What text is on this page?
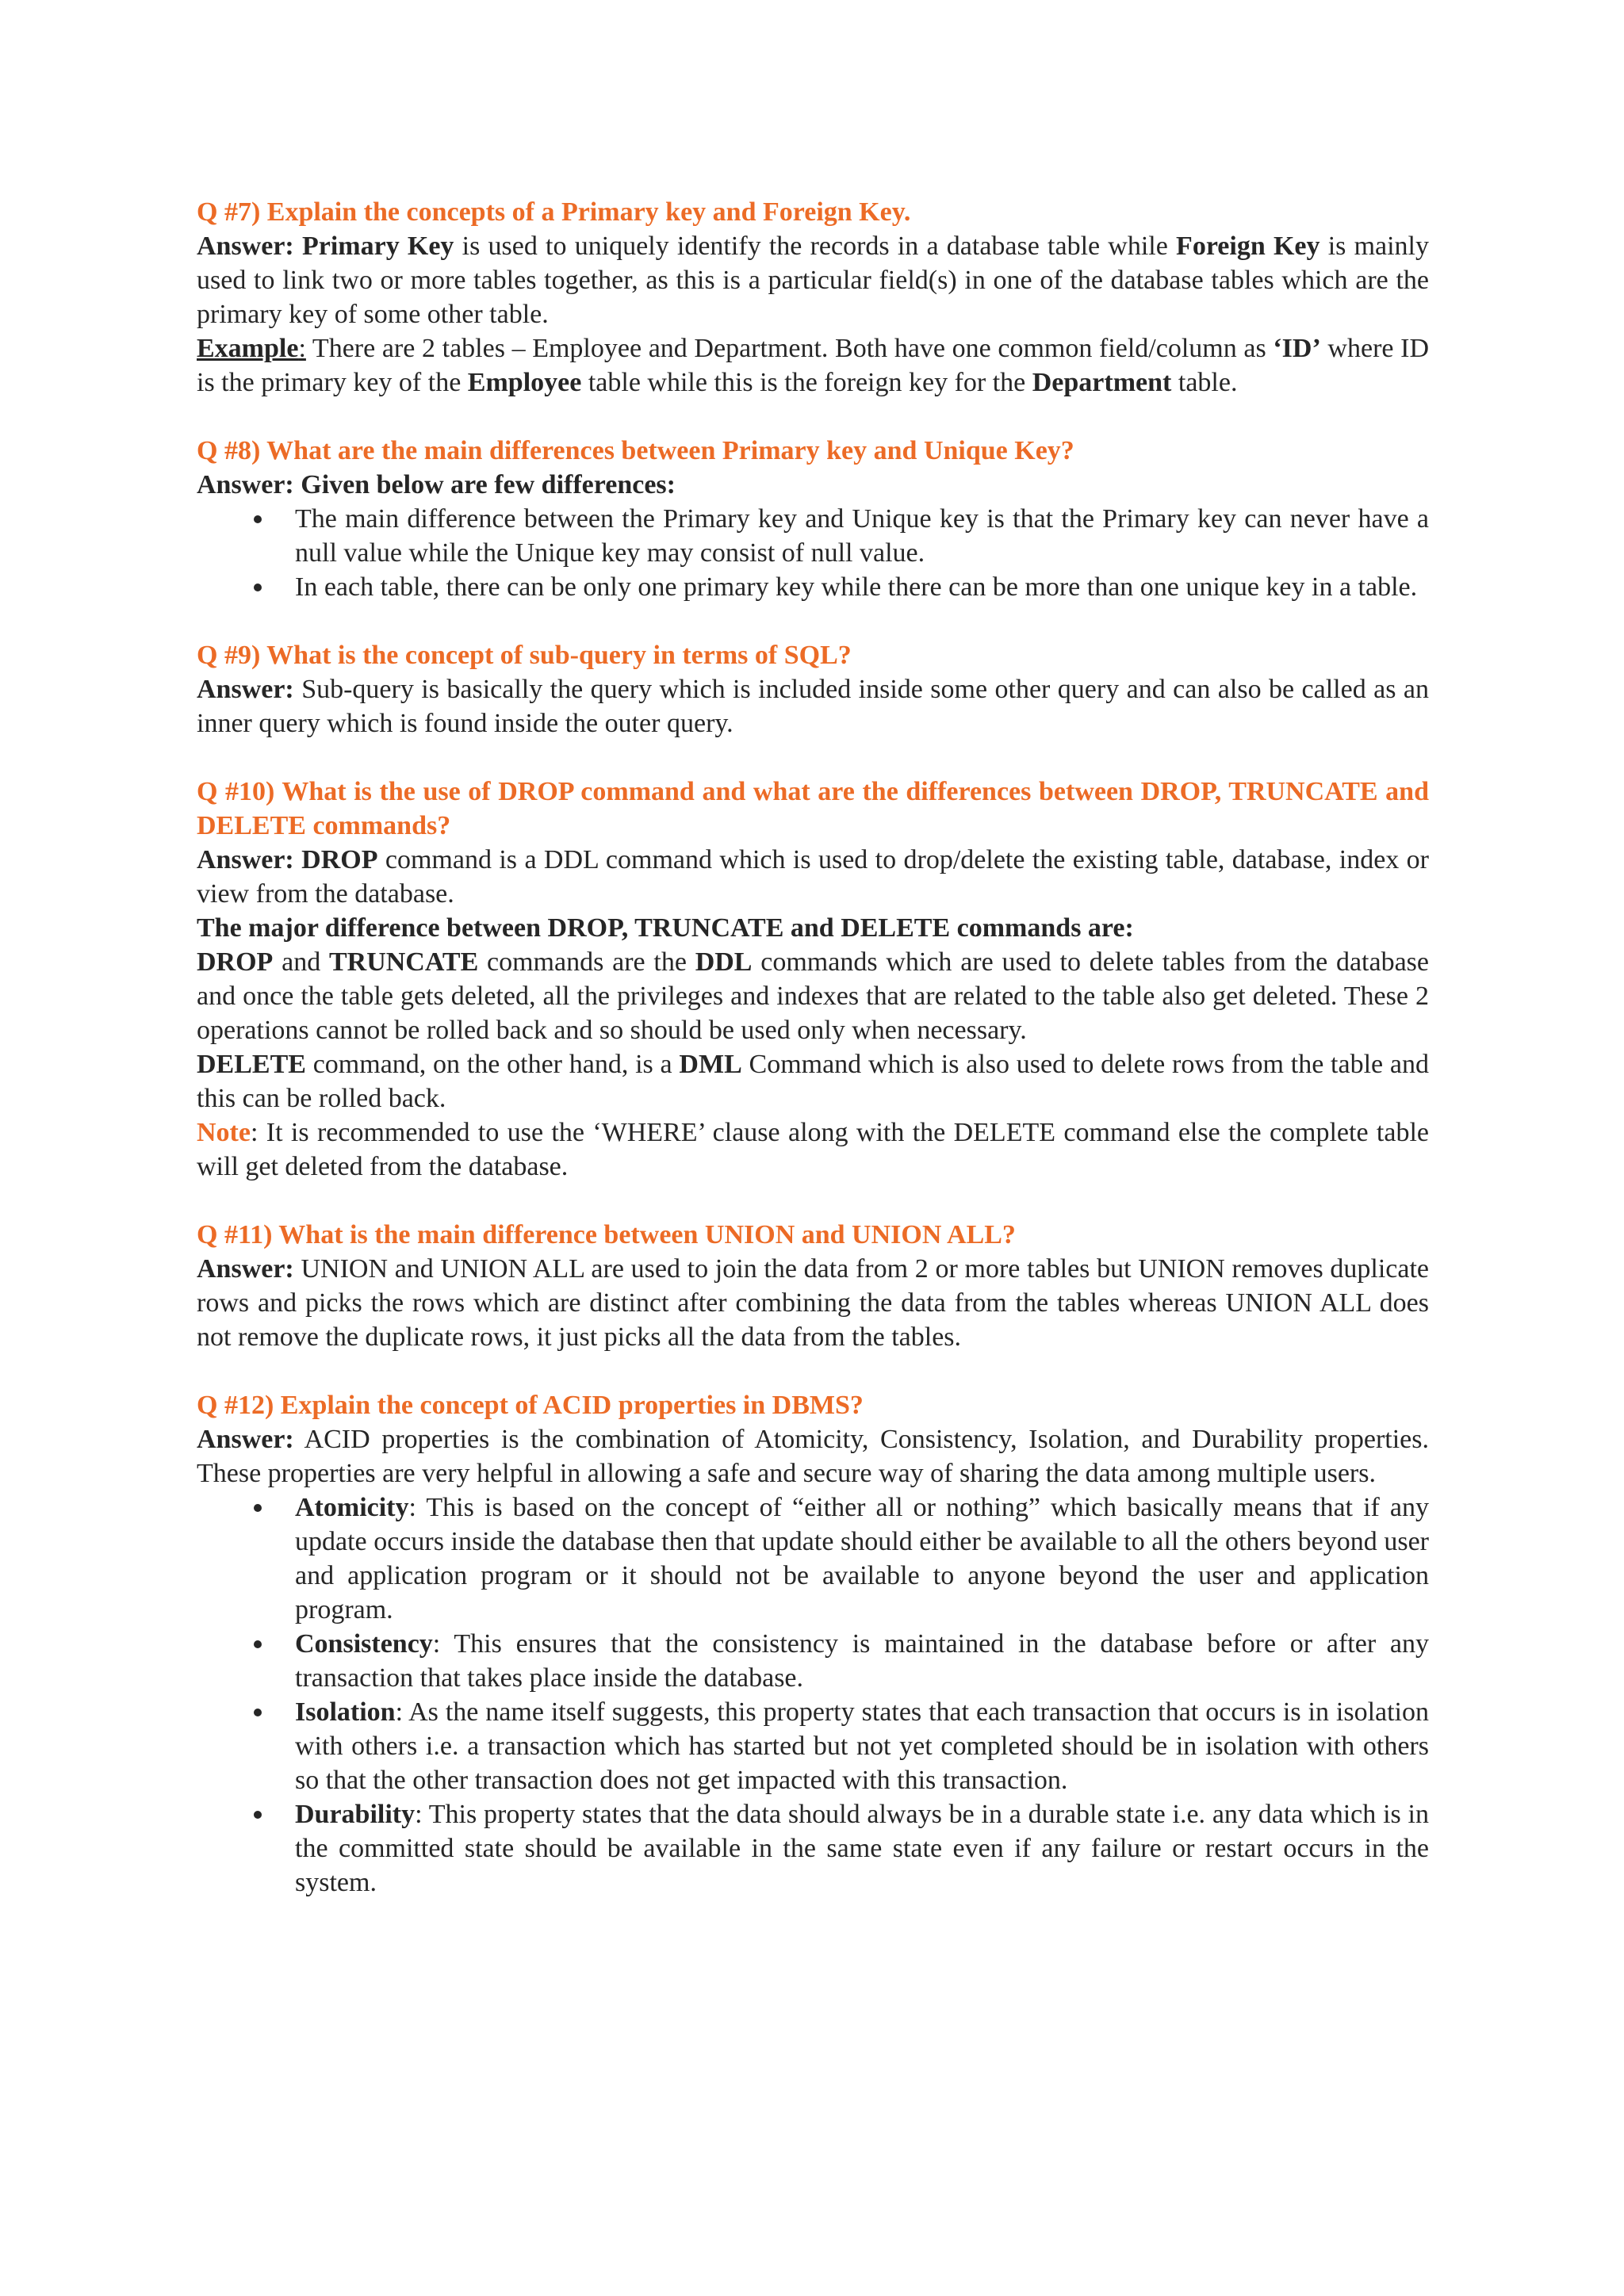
Q #7) Explain the concepts of a Primary key and Foreign Key.

Answer: Primary Key is used to uniquely identify the records in a database table while Foreign Key is mainly used to link two or more tables together, as this is a particular field(s) in one of the database tables which are the primary key of some other table.

Example: There are 2 tables – Employee and Department. Both have one common field/column as ‘ID’ where ID is the primary key of the Employee table while this is the foreign key for the Department table.

Q #8) What are the main differences between Primary key and Unique Key?

Answer: Given below are few differences:

The main difference between the Primary key and Unique key is that the Primary key can never have a null value while the Unique key may consist of null value.
In each table, there can be only one primary key while there can be more than one unique key in a table.
Q #9) What is the concept of sub-query in terms of SQL?

Answer: Sub-query is basically the query which is included inside some other query and can also be called as an inner query which is found inside the outer query.

Q #10) What is the use of DROP command and what are the differences between DROP, TRUNCATE and DELETE commands?

Answer: DROP command is a DDL command which is used to drop/delete the existing table, database, index or view from the database.

The major difference between DROP, TRUNCATE and DELETE commands are:

DROP and TRUNCATE commands are the DDL commands which are used to delete tables from the database and once the table gets deleted, all the privileges and indexes that are related to the table also get deleted. These 2 operations cannot be rolled back and so should be used only when necessary.

DELETE command, on the other hand, is a DML Command which is also used to delete rows from the table and this can be rolled back.

Note: It is recommended to use the ‘WHERE’ clause along with the DELETE command else the complete table will get deleted from the database.

Q #11) What is the main difference between UNION and UNION ALL?

Answer: UNION and UNION ALL are used to join the data from 2 or more tables but UNION removes duplicate rows and picks the rows which are distinct after combining the data from the tables whereas UNION ALL does not remove the duplicate rows, it just picks all the data from the tables.

Q #12) Explain the concept of ACID properties in DBMS?

Answer: ACID properties is the combination of Atomicity, Consistency, Isolation, and Durability properties. These properties are very helpful in allowing a safe and secure way of sharing the data among multiple users.

Atomicity: This is based on the concept of “either all or nothing” which basically means that if any update occurs inside the database then that update should either be available to all the others beyond user and application program or it should not be available to anyone beyond the user and application program.
Consistency: This ensures that the consistency is maintained in the database before or after any transaction that takes place inside the database.
Isolation: As the name itself suggests, this property states that each transaction that occurs is in isolation with others i.e. a transaction which has started but not yet completed should be in isolation with others so that the other transaction does not get impacted with this transaction.
Durability: This property states that the data should always be in a durable state i.e. any data which is in the committed state should be available in the same state even if any failure or restart occurs in the system.
